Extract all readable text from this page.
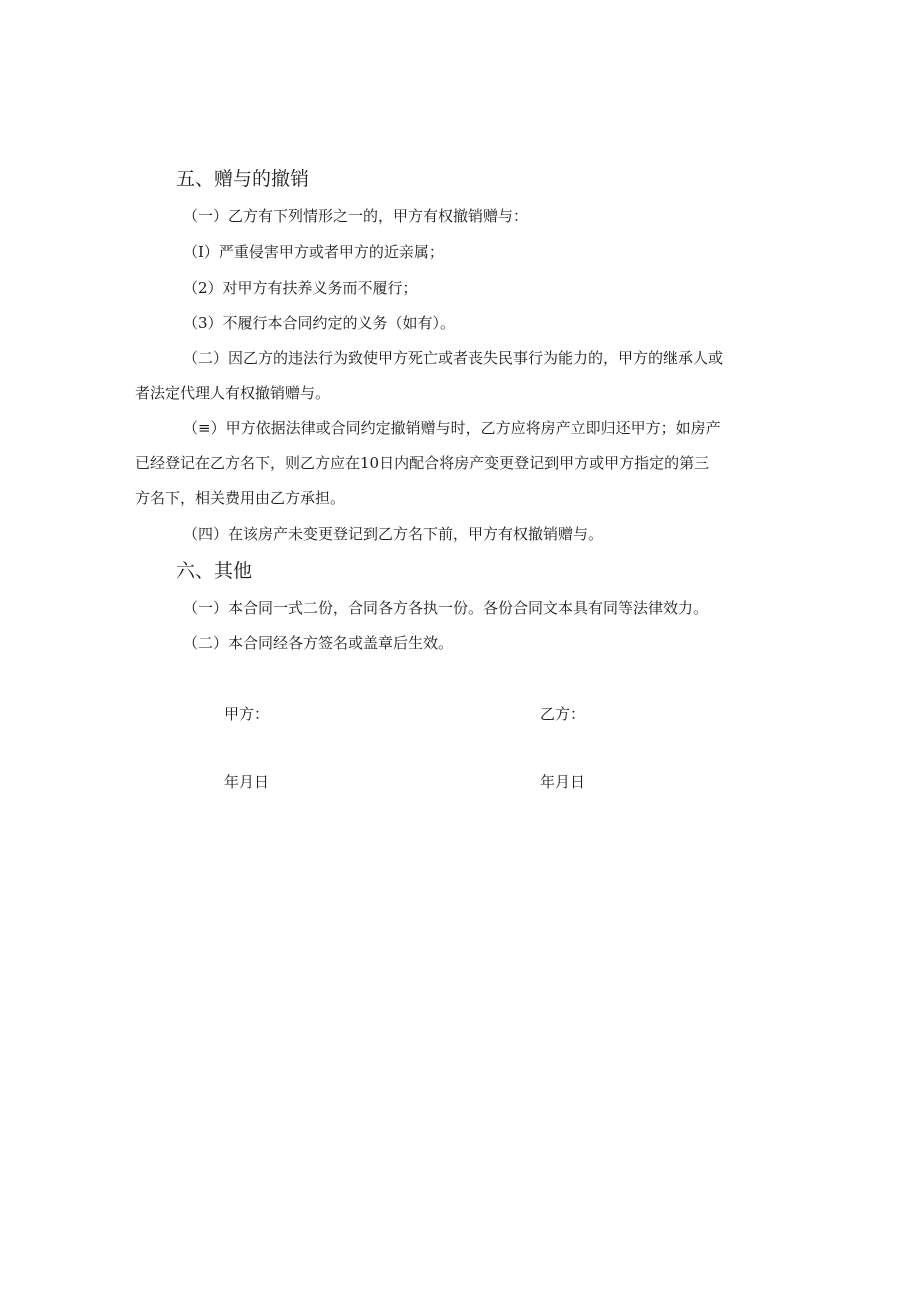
五、赠与的撤销
（一）乙方有下列情形之一的，甲方有权撤销赠与：
（I）严重侵害甲方或者甲方的近亲属；
（2）对甲方有扶养义务而不履行；
（3）不履行本合同约定的义务（如有）。
（二）因乙方的违法行为致使甲方死亡或者丧失民事行为能力的，甲方的继承人或
者法定代理人有权撤销赠与。
（≡）甲方依据法律或合同约定撤销赠与时，乙方应将房产立即归还甲方；如房产
已经登记在乙方名下，则乙方应在10日内配合将房产变更登记到甲方或甲方指定的第三
方名下，相关费用由乙方承担。
（四）在该房产未变更登记到乙方名下前，甲方有权撤销赠与。
六、其他
（一）本合同一式二份，合同各方各执一份。各份合同文本具有同等法律效力。
（二）本合同经各方签名或盖章后生效。
甲方：	乙方：
年月日	年月日
